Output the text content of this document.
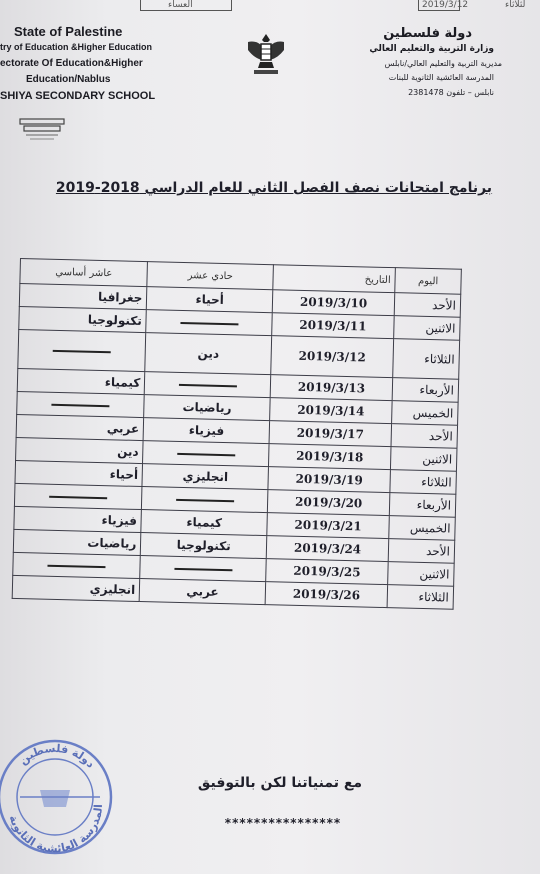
العساء	2019/3/12	لثلاثاء
State of Palestine
try of Education &Higher Education
ectorate Of Education&Higher
Education/Nablus
SHIYA SECONDARY SCHOOL
دولة فلسطين
وزارة التربية والتعليم العالي
مديرية التربية والتعليم العالي/نابلس
المدرسة العائشية الثانوية للبنات
نابلس – تلفون 2381478
برنامج امتحانات نصف الفصل الثاني للعام الدراسي 2018-2019
عاشر أساسي	حادي عشر	التاريخ	اليوم
جغرافيا	أحياء	2019/3/10	الأحد
تكنولوجيا		2019/3/11	الاثنين
	دين	2019/3/12	الثلاثاء
كيمياء		2019/3/13	الأربعاء
	رياضيات	2019/3/14	الخميس
عربي	فيزياء	2019/3/17	الأحد
دين		2019/3/18	الاثنين
أحياء	انجليزي	2019/3/19	الثلاثاء
		2019/3/20	الأربعاء
فيزياء	كيمياء	2019/3/21	الخميس
رياضيات	تكنولوجيا	2019/3/24	الأحد
		2019/3/25	الاثنين
انجليزي	عربي	2019/3/26	الثلاثاء
مع تمنياتنا لكن بالتوفيق
****************
دولة فلسطين
المدرسة العائشية الثانوية
